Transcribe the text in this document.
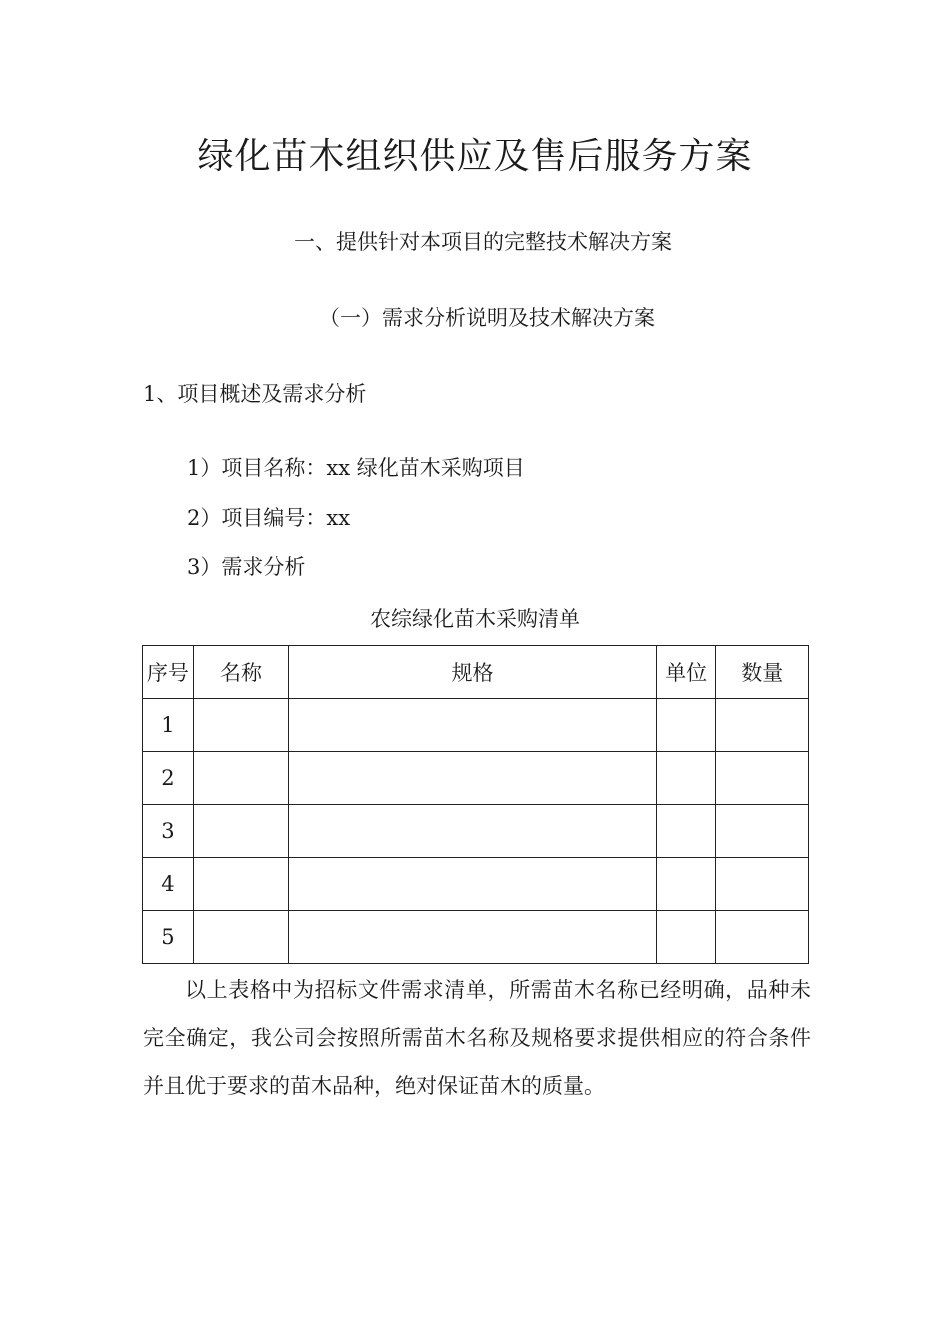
绿化苗木组织供应及售后服务方案
一、提供针对本项目的完整技术解决方案
（一）需求分析说明及技术解决方案
1、项目概述及需求分析
1）项目名称：xx 绿化苗木采购项目
2）项目编号：xx
3）需求分析
农综绿化苗木采购清单
序号	名称	规格	单位	数量
1				
2				
3				
4				
5				
以上表格中为招标文件需求清单，所需苗木名称已经明确，品种未完全确定，我公司会按照所需苗木名称及规格要求提供相应的符合条件并且优于要求的苗木品种，绝对保证苗木的质量。
